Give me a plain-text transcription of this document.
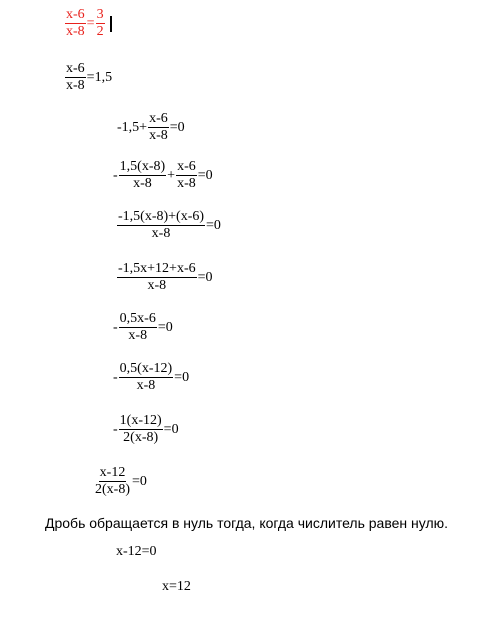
$\frac{x-6}{x-8} = \frac{3}{2}$
$\frac{x-6}{x-8} =1,5$
$-1,5+ \frac{x-6}{x-8} =0$
- $\frac{1,5(x-8)}{x-8} + \frac{x-6}{x-8} =0$
$\frac{-1,5(x-8)+(x-6)}{x-8} =0$
$\frac{-1,5x+12+x-6}{x-8} =0$
- $\frac{0,5x-6}{x-8} =0$
- $\frac{0,5(x-12)}{x-8} =0$
- $\frac{1(x-12)}{2(x-8)} =0$
$\frac{x-12}{2(x-8)} =0$
Дробь обращается в нуль тогда, когда числитель равен нулю.
x-12=0
x=12
